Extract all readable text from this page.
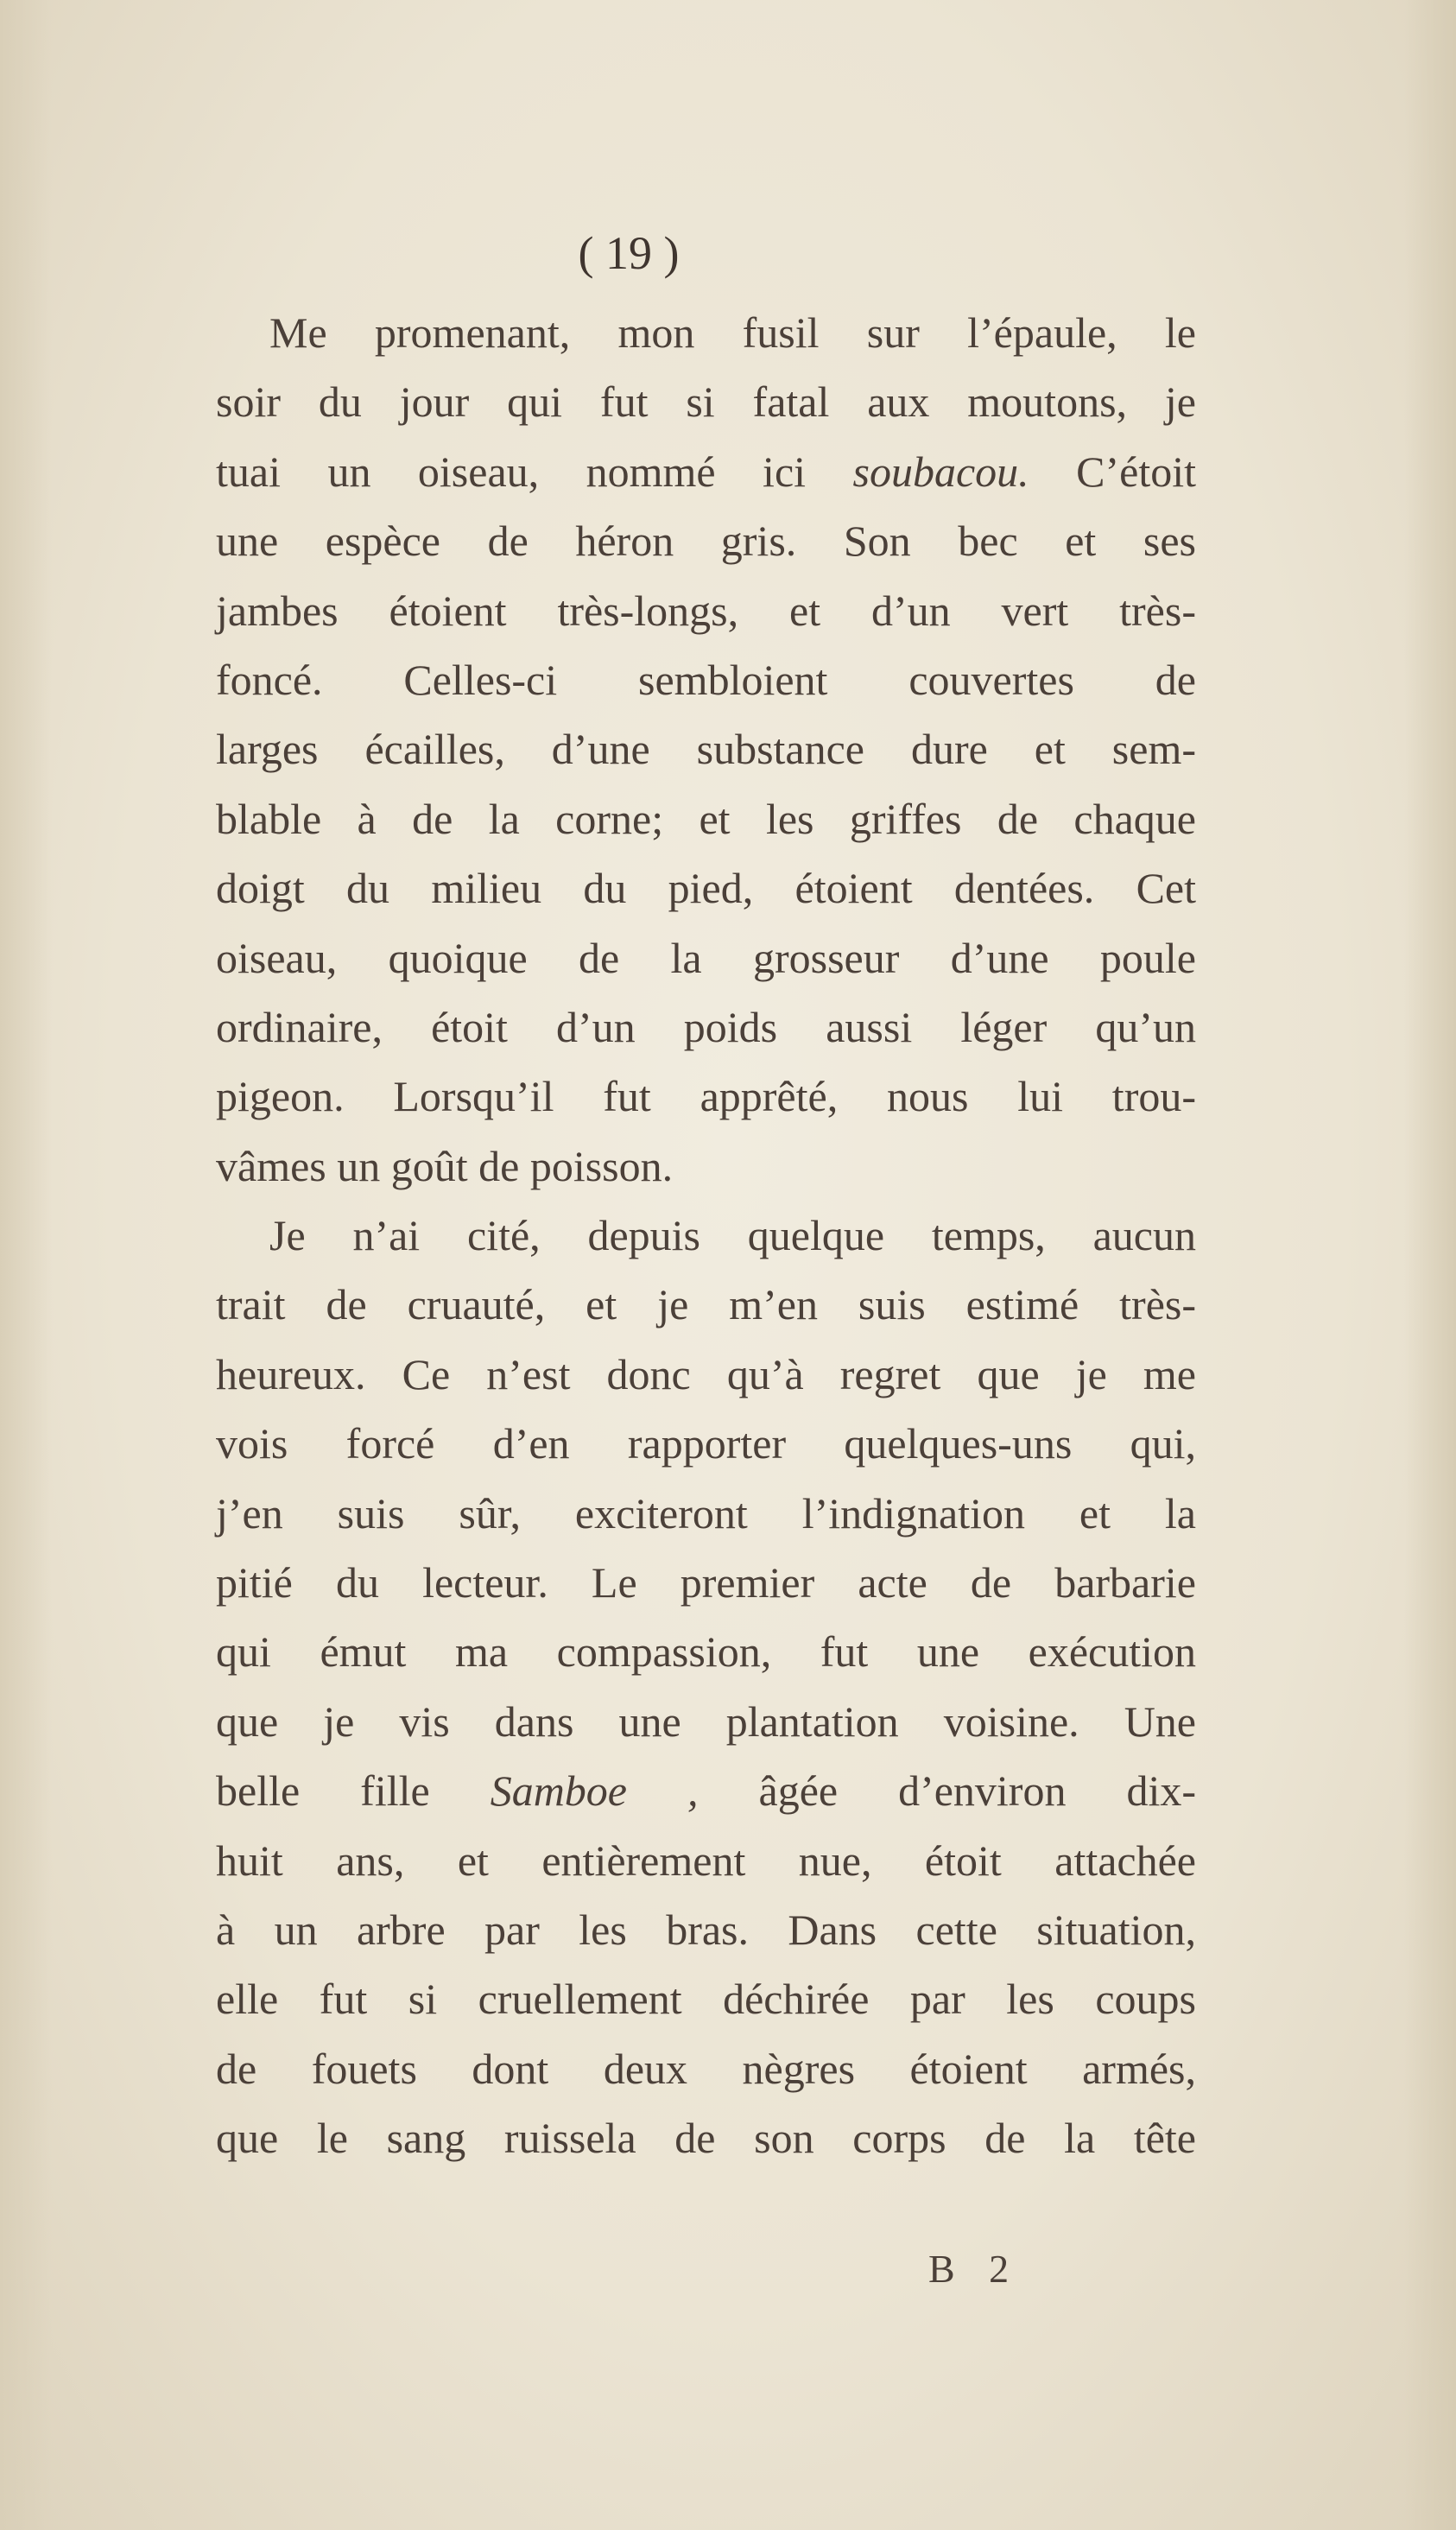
( 19 )
Me promenant, mon fusil sur l’épaule, le
soir du jour qui fut si fatal aux moutons, je
tuai un oiseau, nommé ici soubacou. C’étoit
une espèce de héron gris. Son bec et ses
jambes étoient très-longs, et d’un vert très-
foncé. Celles-ci sembloient couvertes de
larges écailles, d’une substance dure et sem-
blable à de la corne; et les griffes de chaque
doigt du milieu du pied, étoient dentées. Cet
oiseau, quoique de la grosseur d’une poule
ordinaire, étoit d’un poids aussi léger qu’un
pigeon. Lorsqu’il fut apprêté, nous lui trou-
vâmes un goût de poisson.
Je n’ai cité, depuis quelque temps, aucun
trait de cruauté, et je m’en suis estimé très-
heureux. Ce n’est donc qu’à regret que je me
vois forcé d’en rapporter quelques-uns qui,
j’en suis sûr, exciteront l’indignation et la
pitié du lecteur. Le premier acte de barbarie
qui émut ma compassion, fut une exécution
que je vis dans une plantation voisine. Une
belle fille Samboe , âgée d’environ dix-
huit ans, et entièrement nue, étoit attachée
à un arbre par les bras. Dans cette situation,
elle fut si cruellement déchirée par les coups
de fouets dont deux nègres étoient armés,
que le sang ruissela de son corps de la tête
B 2
